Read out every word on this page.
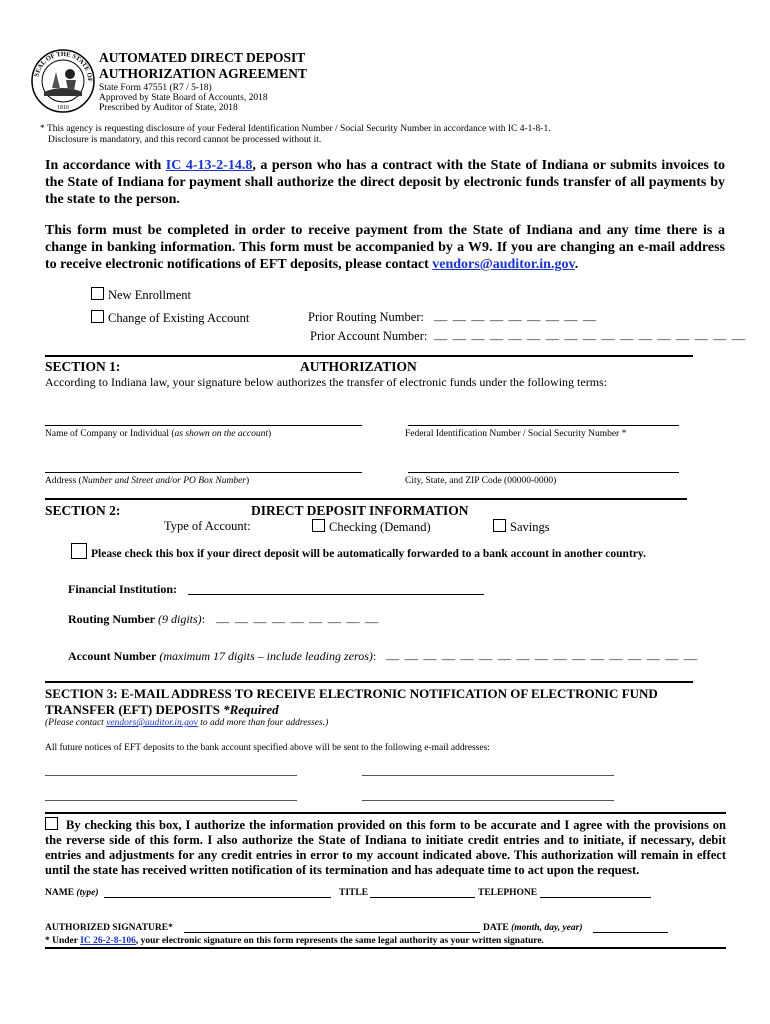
SEAL OF THE STATE OF
1816
AUTOMATED DIRECT DEPOSIT
AUTHORIZATION AGREEMENT
State Form 47551 (R7 / 5-18)
Approved by State Board of Accounts, 2018
Prescribed by Auditor of State, 2018
* This agency is requesting disclosure of your Federal Identification Number / Social Security Number in accordance with IC 4-1-8-1.
Disclosure is mandatory, and this record cannot be processed without it.
In accordance with IC 4-13-2-14.8, a person who has a contract with the State of Indiana or submits invoices to the State of Indiana for payment shall authorize the direct deposit by electronic funds transfer of all payments by the state to the person.
This form must be completed in order to receive payment from the State of Indiana and any time there is a change in banking information. This form must be accompanied by a W9. If you are changing an e-mail address to receive electronic notifications of EFT deposits, please contact vendors@auditor.in.gov.
New Enrollment
Change of Existing Account	Prior Routing Number: __ __ __ __ __ __ __ __ __
Prior Account Number: __ __ __ __ __ __ __ __ __ __ __ __ __ __ __ __ __
SECTION 1:	AUTHORIZATION
According to Indiana law, your signature below authorizes the transfer of electronic funds under the following terms:
Name of Company or Individual (as shown on the account)	Federal Identification Number / Social Security Number *
Address (Number and Street and/or PO Box Number)	City, State, and ZIP Code (00000-0000)
SECTION 2:	DIRECT DEPOSIT INFORMATION
Type of Account:	Checking (Demand)	Savings
Please check this box if your direct deposit will be automatically forwarded to a bank account in another country.
Financial Institution:
Routing Number (9 digits): __ __ __ __ __ __ __ __ __
Account Number (maximum 17 digits – include leading zeros): __ __ __ __ __ __ __ __ __ __ __ __ __ __ __ __ __
SECTION 3: E-MAIL ADDRESS TO RECEIVE ELECTRONIC NOTIFICATION OF ELECTRONIC FUND
TRANSFER (EFT) DEPOSITS *Required
(Please contact vendors@auditor.in.gov to add more than four addresses.)
All future notices of EFT deposits to the bank account specified above will be sent to the following e-mail addresses:
By checking this box, I authorize the information provided on this form to be accurate and I agree with the provisions on the reverse side of this form. I also authorize the State of Indiana to initiate credit entries and to initiate, if necessary, debit entries and adjustments for any credit entries in error to my account indicated above. This authorization will remain in effect until the state has received written notification of its termination and has adequate time to act upon the request.
NAME (type)	TITLE	TELEPHONE
AUTHORIZED SIGNATURE*	DATE (month, day, year)
* Under IC 26-2-8-106, your electronic signature on this form represents the same legal authority as your written signature.
